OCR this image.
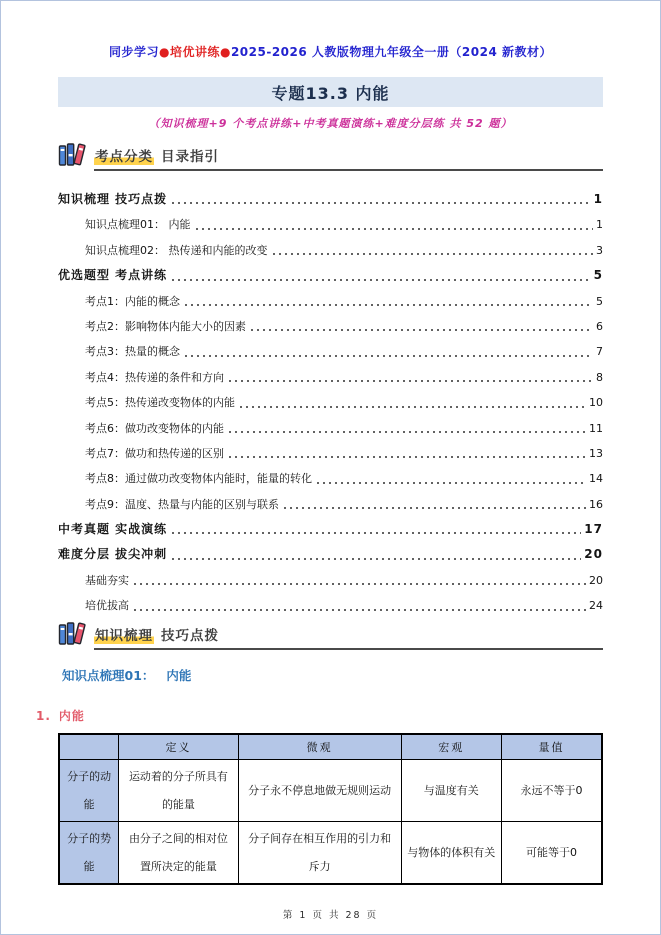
同步学习●培优讲练●2025-2026 人教版物理九年级全一册（2024 新教材）
专题13.3 内能
（知识梳理+9 个考点讲练+中考真题演练+难度分层练 共 52 题）
考点分类 目录指引
知识梳理 技巧点拨	1
知识点梳理01： 内能	1
知识点梳理02： 热传递和内能的改变	3
优选题型 考点讲练	5
考点1：内能的概念	5
考点2：影响物体内能大小的因素	6
考点3：热量的概念	7
考点4：热传递的条件和方向	8
考点5：热传递改变物体的内能	10
考点6：做功改变物体的内能	11
考点7：做功和热传递的区别	13
考点8：通过做功改变物体内能时，能量的转化	14
考点9：温度、热量与内能的区别与联系	16
中考真题 实战演练	17
难度分层 拔尖冲刺	20
基础夯实	20
培优拔高	24
知识梳理 技巧点拨
知识点梳理01： 内能
1. 内能
	定义	微观	宏观	量值
分子的动能	运动着的分子所具有的能量	分子永不停息地做无规则运动	与温度有关	永远不等于0
分子的势能	由分子之间的相对位置所决定的能量	分子间存在相互作用的引力和斥力	与物体的体积有关	可能等于0
第 1 页 共 28 页
